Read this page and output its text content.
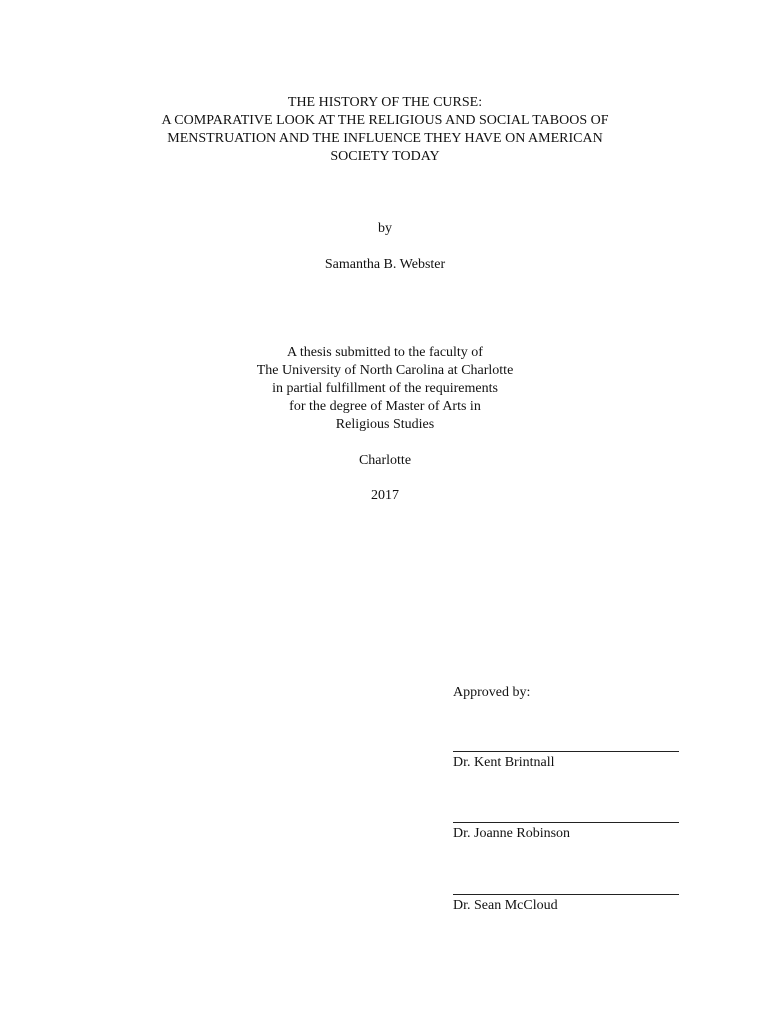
THE HISTORY OF THE CURSE:
A COMPARATIVE LOOK AT THE RELIGIOUS AND SOCIAL TABOOS OF
MENSTRUATION AND THE INFLUENCE THEY HAVE ON AMERICAN
SOCIETY TODAY
by
Samantha B. Webster
A thesis submitted to the faculty of
The University of North Carolina at Charlotte
in partial fulfillment of the requirements
for the degree of Master of Arts in
Religious Studies
Charlotte
2017
Approved by:
Dr. Kent Brintnall
Dr. Joanne Robinson
Dr. Sean McCloud
